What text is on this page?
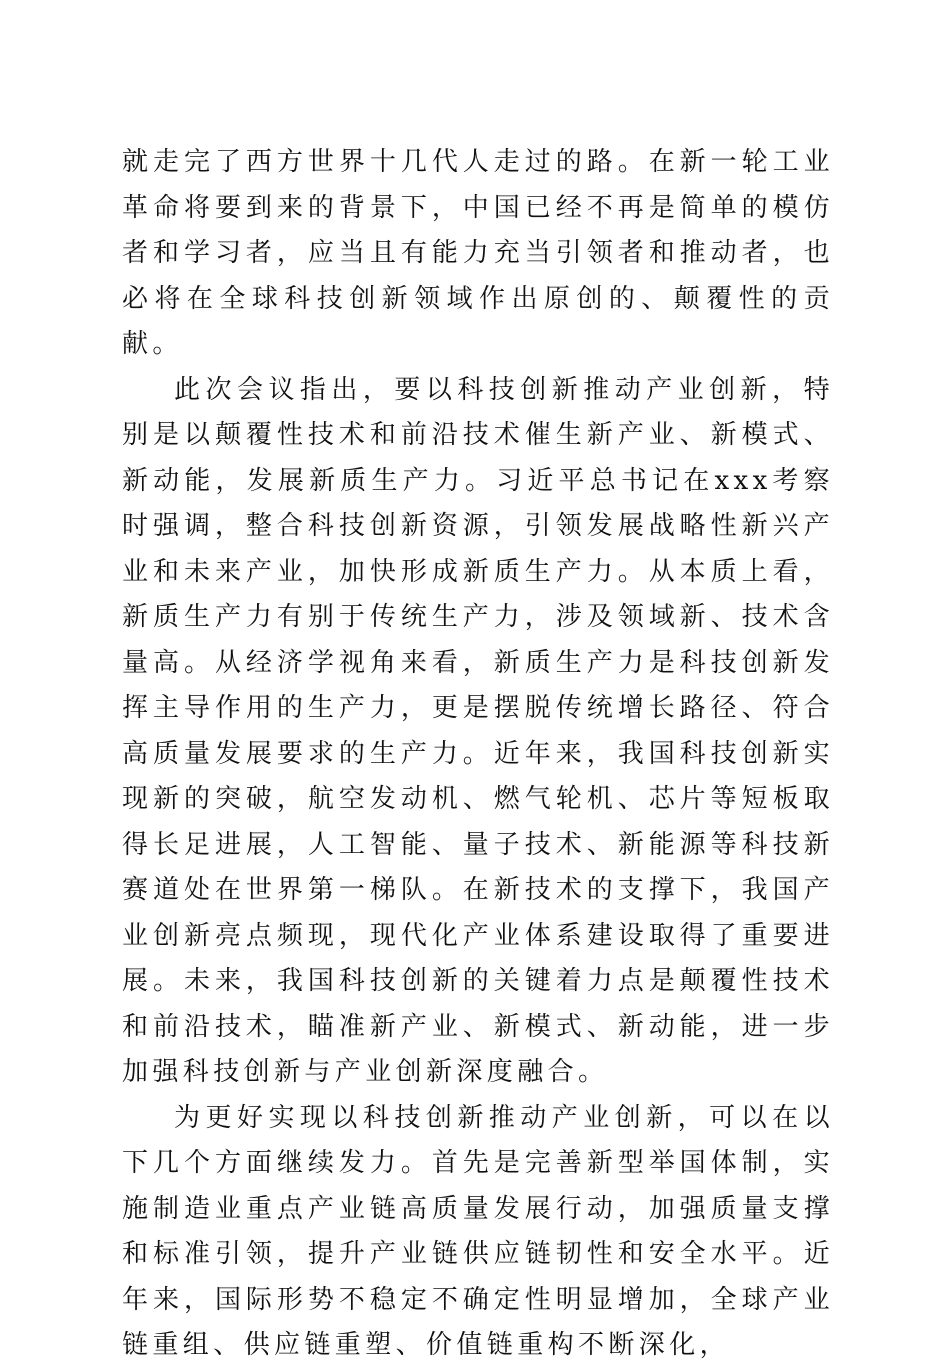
就走完了西方世界十几代人走过的路。在新一轮工业革命将要到来的背景下，中国已经不再是简单的模仿者和学习者，应当且有能力充当引领者和推动者，也必将在全球科技创新领域作出原创的、颠覆性的贡献。

此次会议指出，要以科技创新推动产业创新，特别是以颠覆性技术和前沿技术催生新产业、新模式、新动能，发展新质生产力。习近平总书记在xxx考察时强调，整合科技创新资源，引领发展战略性新兴产业和未来产业，加快形成新质生产力。从本质上看，新质生产力有别于传统生产力，涉及领域新、技术含量高。从经济学视角来看，新质生产力是科技创新发挥主导作用的生产力，更是摆脱传统增长路径、符合高质量发展要求的生产力。近年来，我国科技创新实现新的突破，航空发动机、燃气轮机、芯片等短板取得长足进展，人工智能、量子技术、新能源等科技新赛道处在世界第一梯队。在新技术的支撑下，我国产业创新亮点频现，现代化产业体系建设取得了重要进展。未来，我国科技创新的关键着力点是颠覆性技术和前沿技术，瞄准新产业、新模式、新动能，进一步加强科技创新与产业创新深度融合。

为更好实现以科技创新推动产业创新，可以在以下几个方面继续发力。首先是完善新型举国体制，实施制造业重点产业链高质量发展行动，加强质量支撑和标准引领，提升产业链供应链韧性和安全水平。近年来，国际形势不稳定不确定性明显增加，全球产业链重组、供应链重塑、价值链重构不断深化，
